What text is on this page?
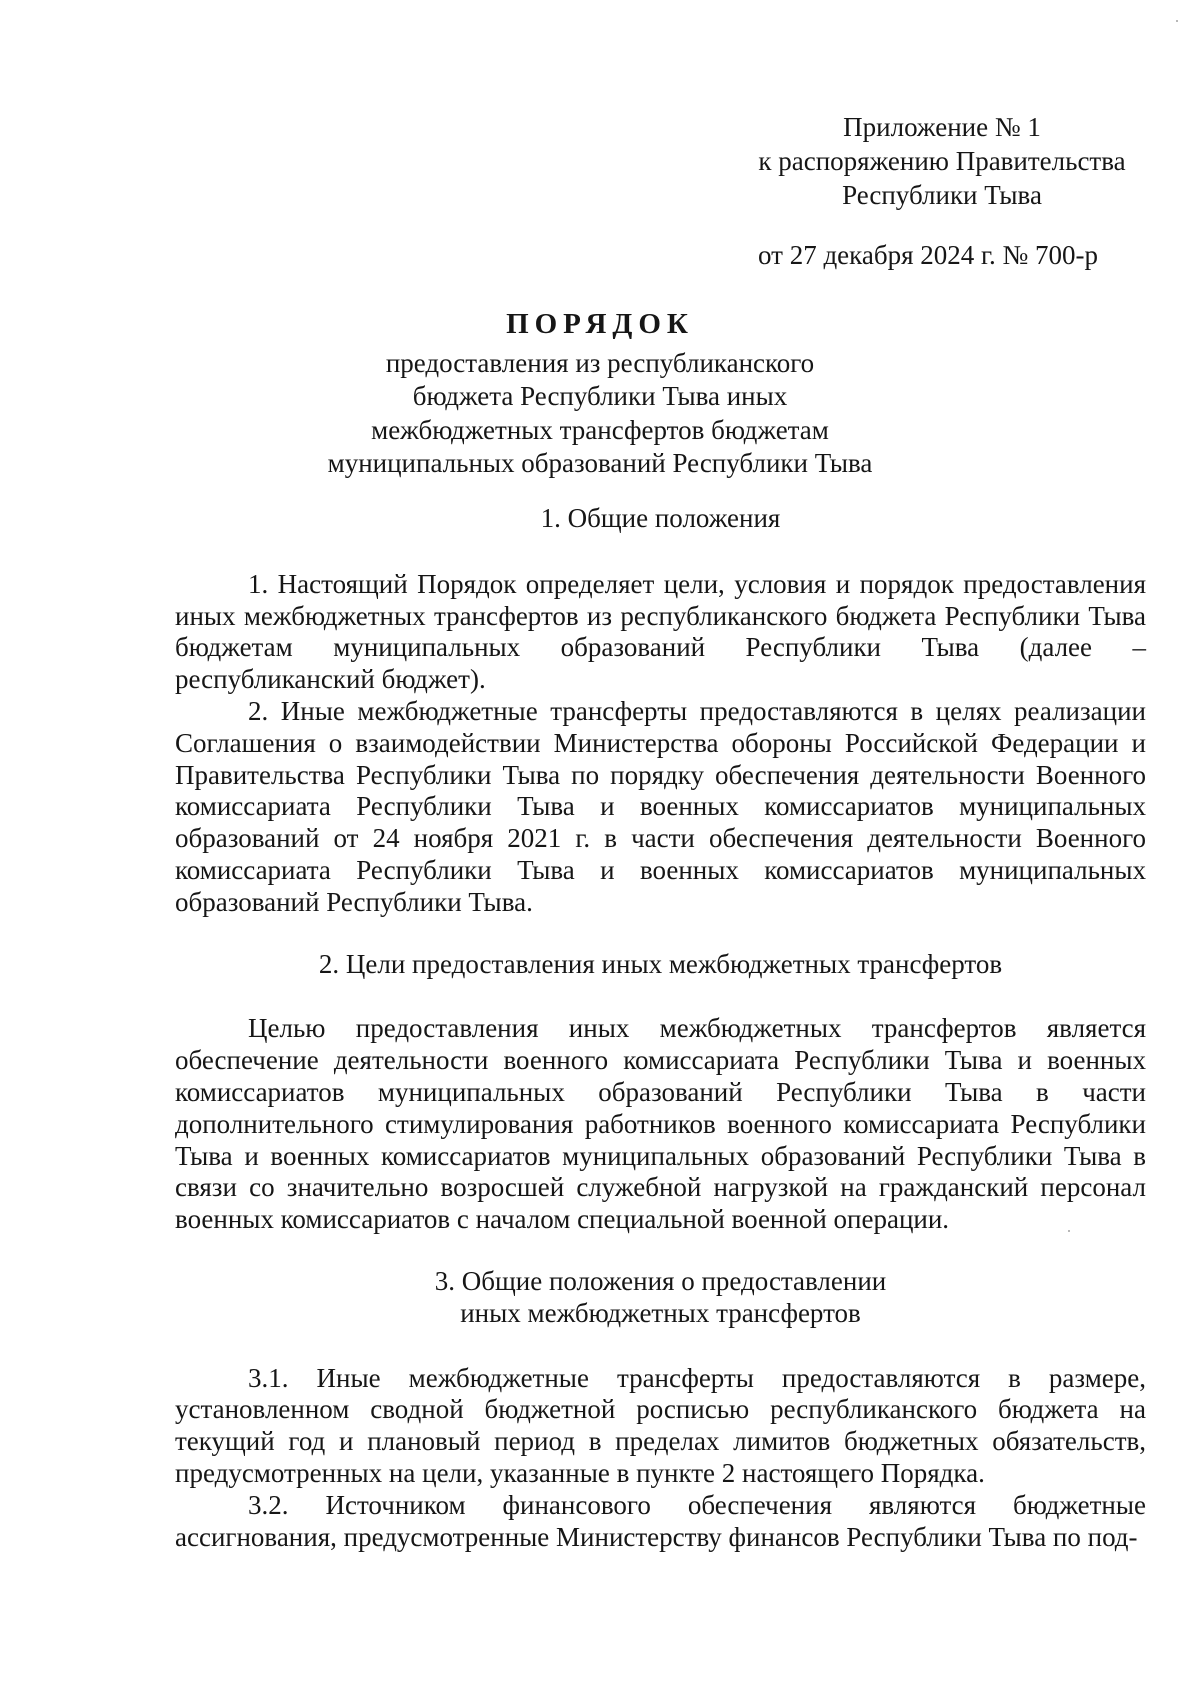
Приложение № 1
к распоряжению Правительства
Республики Тыва
от 27 декабря 2024 г. № 700-р
ПОРЯДОК
предоставления из республиканского
бюджета Республики Тыва иных
межбюджетных трансфертов бюджетам
муниципальных образований Республики Тыва

1. Общие положения

1. Настоящий Порядок определяет цели, условия и порядок предоставления иных межбюджетных трансфертов из республиканского бюджета Республики Тыва бюджетам муниципальных образований Республики Тыва (далее – республиканский бюджет).

2. Иные межбюджетные трансферты предоставляются в целях реализации Соглашения о взаимодействии Министерства обороны Российской Федерации и Правительства Республики Тыва по порядку обеспечения деятельности Военного комиссариата Республики Тыва и военных комиссариатов муниципальных образований от 24 ноября 2021 г. в части обеспечения деятельности Военного комиссариата Республики Тыва и военных комиссариатов муниципальных образований Республики Тыва.

2. Цели предоставления иных межбюджетных трансфертов

Целью предоставления иных межбюджетных трансфертов является обеспечение деятельности военного комиссариата Республики Тыва и военных комиссариатов муниципальных образований Республики Тыва в части дополнительного стимулирования работников военного комиссариата Республики Тыва и военных комиссариатов муниципальных образований Республики Тыва в связи со значительно возросшей служебной нагрузкой на гражданский персонал военных комиссариатов с началом специальной военной операции.

3. Общие положения о предоставлении
иных межбюджетных трансфертов

3.1. Иные межбюджетные трансферты предоставляются в размере, установленном сводной бюджетной росписью республиканского бюджета на текущий год и плановый период в пределах лимитов бюджетных обязательств, предусмотренных на цели, указанные в пункте 2 настоящего Порядка.

3.2. Источником финансового обеспечения являются бюджетные ассигнования, предусмотренные Министерству финансов Республики Тыва по под-
